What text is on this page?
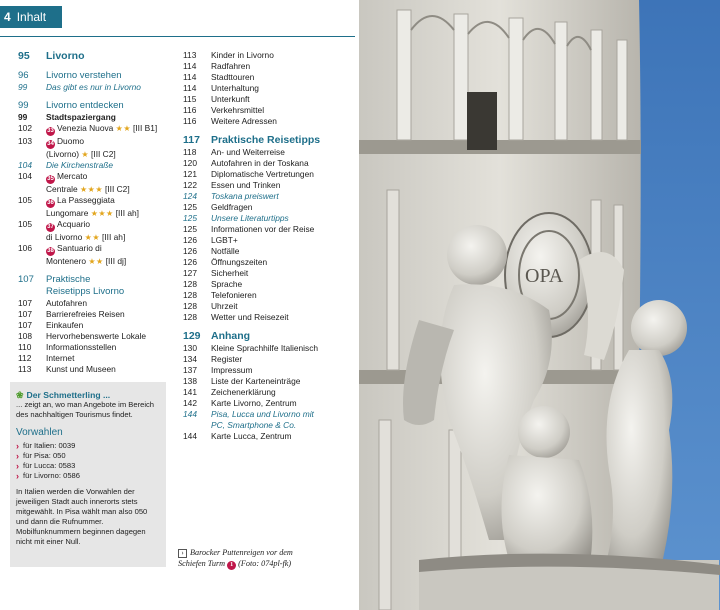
4 Inhalt
95	Livorno
96	Livorno verstehen
99	Das gibt es nur in Livorno
99	Livorno entdecken
99	Stadtspaziergang
102	33 Venezia Nuova ★★ [III B1]
103	34 Duomo
(Livorno) ★ [III C2]
104	Die Kirchenstraße
104	35 Mercato
Centrale ★★★ [III C2]
105	36 La Passeggiata
Lungomare ★★★ [III ah]
105	37 Acquario
di Livorno ★★ [III ah]
106	38 Santuario di
Montenero ★★ [III dj]
107	Praktische
Reisetipps Livorno
107	Autofahren
107	Barrierefreies Reisen
107	Einkaufen
108	Hervorhebenswerte Lokale
110	Informationsstellen
112	Internet
113	Kunst und Museen
113	Kinder in Livorno
114	Radfahren
114	Stadttouren
114	Unterhaltung
115	Unterkunft
116	Verkehrsmittel
116	Weitere Adressen
117	Praktische Reisetipps
118	An- und Weiterreise
120	Autofahren in der Toskana
121	Diplomatische Vertretungen
122	Essen und Trinken
124	Toskana preiswert
125	Geldfragen
125	Unsere Literaturtipps
125	Informationen vor der Reise
126	LGBT+
126	Notfälle
126	Öffnungszeiten
127	Sicherheit
128	Sprache
128	Telefonieren
128	Uhrzeit
128	Wetter und Reisezeit
129 Anhang
130	Kleine Sprachhilfe Italienisch
134	Register
137	Impressum
138	Liste der Karteneinträge
141	Zeichenerklärung
142	Karte Livorno, Zentrum
144	Pisa, Lucca und Livorno mit
PC, Smartphone & Co.
144	Karte Lucca, Zentrum
❀ Der Schmetterling ...
... zeigt an, wo man Angebote im Bereich des nachhaltigen Tourismus findet.
Vorwahlen
› für Italien: 0039
› für Pisa: 050
› für Lucca: 0583
› für Livorno: 0586
In Italien werden die Vorwahlen der jeweiligen Stadt auch innerorts stets mitgewählt. In Pisa wählt man also 050 und dann die Rufnummer. Mobilfunknummern beginnen dagegen nicht mit einer Null.
› Barocker Puttenreigen vor dem
Schiefen Turm 1 (Foto: 074pl-fk)
OPA
